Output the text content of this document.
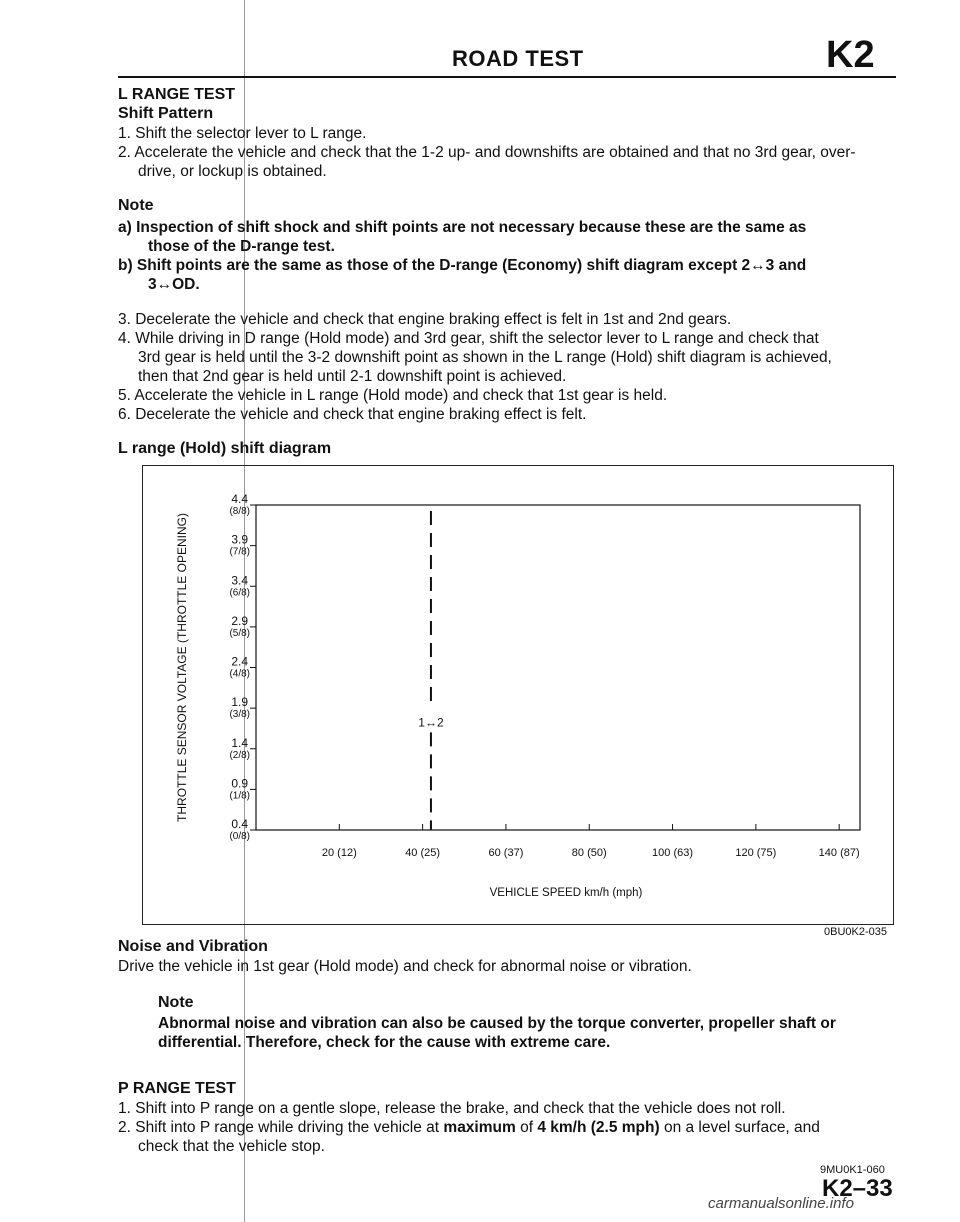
ROAD TEST	K2
L RANGE TEST
Shift Pattern
1. Shift the selector lever to L range.
2. Accelerate the vehicle and check that the 1-2 up- and downshifts are obtained and that no 3rd gear, over-
drive, or lockup is obtained.
Note
a) Inspection of shift shock and shift points are not necessary because these are the same as
those of the D-range test.
b) Shift points are the same as those of the D-range (Economy) shift diagram except 2↔3 and
3↔OD.
3. Decelerate the vehicle and check that engine braking effect is felt in 1st and 2nd gears.
4. While driving in D range (Hold mode) and 3rd gear, shift the selector lever to L range and check that
3rd gear is held until the 3-2 downshift point as shown in the L range (Hold) shift diagram is achieved,
then that 2nd gear is held until 2-1 downshift point is achieved.
5. Accelerate the vehicle in L range (Hold mode) and check that 1st gear is held.
6. Decelerate the vehicle and check that engine braking effect is felt.
L range (Hold) shift diagram
4.4
(8/8)
3.9
(7/8)
3.4
(6/8)
2.9
(5/8)
2.4
(4/8)
1.9
(3/8)
1.4
(2/8)
0.9
(1/8)
0.4
(0/8)
20 (12)	40 (25)	60 (37)	80 (50)	100 (63)	120 (75)	140 (87)
1↔2
THROTTLE SENSOR VOLTAGE (THROTTLE OPENING)
VEHICLE SPEED km/h (mph)
0BU0K2-035
Noise and Vibration
Drive the vehicle in 1st gear (Hold mode) and check for abnormal noise or vibration.
Note
Abnormal noise and vibration can also be caused by the torque converter, propeller shaft or
differential. Therefore, check for the cause with extreme care.
P RANGE TEST
1. Shift into P range on a gentle slope, release the brake, and check that the vehicle does not roll.
2. Shift into P range while driving the vehicle at maximum of 4 km/h (2.5 mph) on a level surface, and
check that the vehicle stop.
9MU0K1-060
K2–33
carmanualsonline.info
